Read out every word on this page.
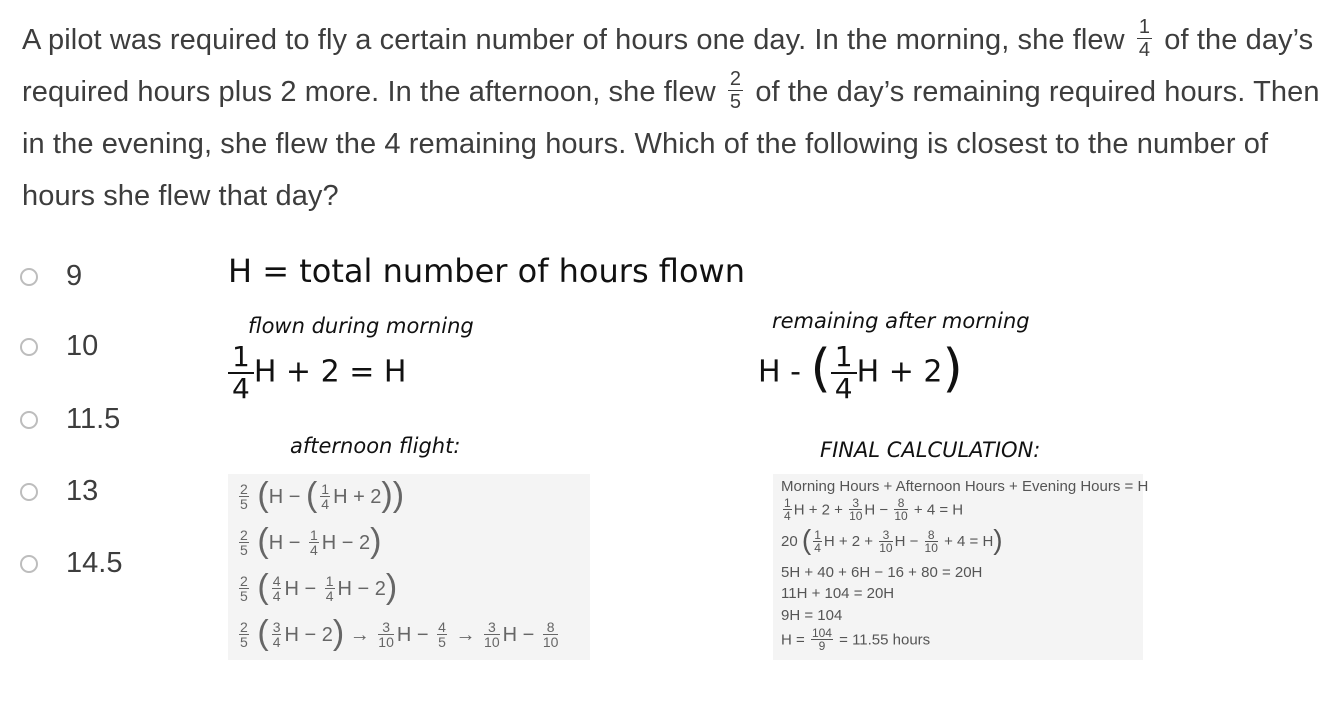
A pilot was required to fly a certain number of hours one day. In the morning, she flew $\frac{1}{4}$ of the day’s required hours plus 2 more. In the afternoon, she flew $\frac{2}{5}$ of the day’s remaining required hours. Then in the evening, she flew the 4 remaining hours. Which of the following is closest to the number of hours she flew that day?
9
10
11.5
13
14.5
H = total number of hours flown
flown during morning
$\frac{1}{4}$ H + 2 = H
remaining after morning
H - ( $\frac{1}{4}$ H + 2)
afternoon flight:	FINAL CALCULATION:
$\frac{2}{5} (H$ − ( $\frac{1}{4}$ H + 2))
$\frac{2}{5} (H - \frac{1}{4}$ H − 2)
$\frac{2}{5}$ ( $\frac{4}{4}$ $H - \frac{1}{4}$ H − 2)
$\frac{2}{5}$ ( $\frac{3}{4}$ $H - 2) \to \frac{3}{10}$ $H - \frac{4}{5} \to \frac{3}{10}$ $H - \frac{8}{10}$
Morning Hours + Afternoon Hours + Evening Hours = H
$\frac{1}{4}$ $H + 2 + \frac{3}{10}$ $H - \frac{8}{10} + 4 = H$
20 ( $\frac{1}{4}$ $H + 2 + \frac{3}{10}$ $H - \frac{8}{10} + 4 = H$)
5H + 40 + 6H − 16 + 80 = 20H
11H + 104 = 20H
9H = 104
$H = \frac{104}{9} = 11.55$ hours
